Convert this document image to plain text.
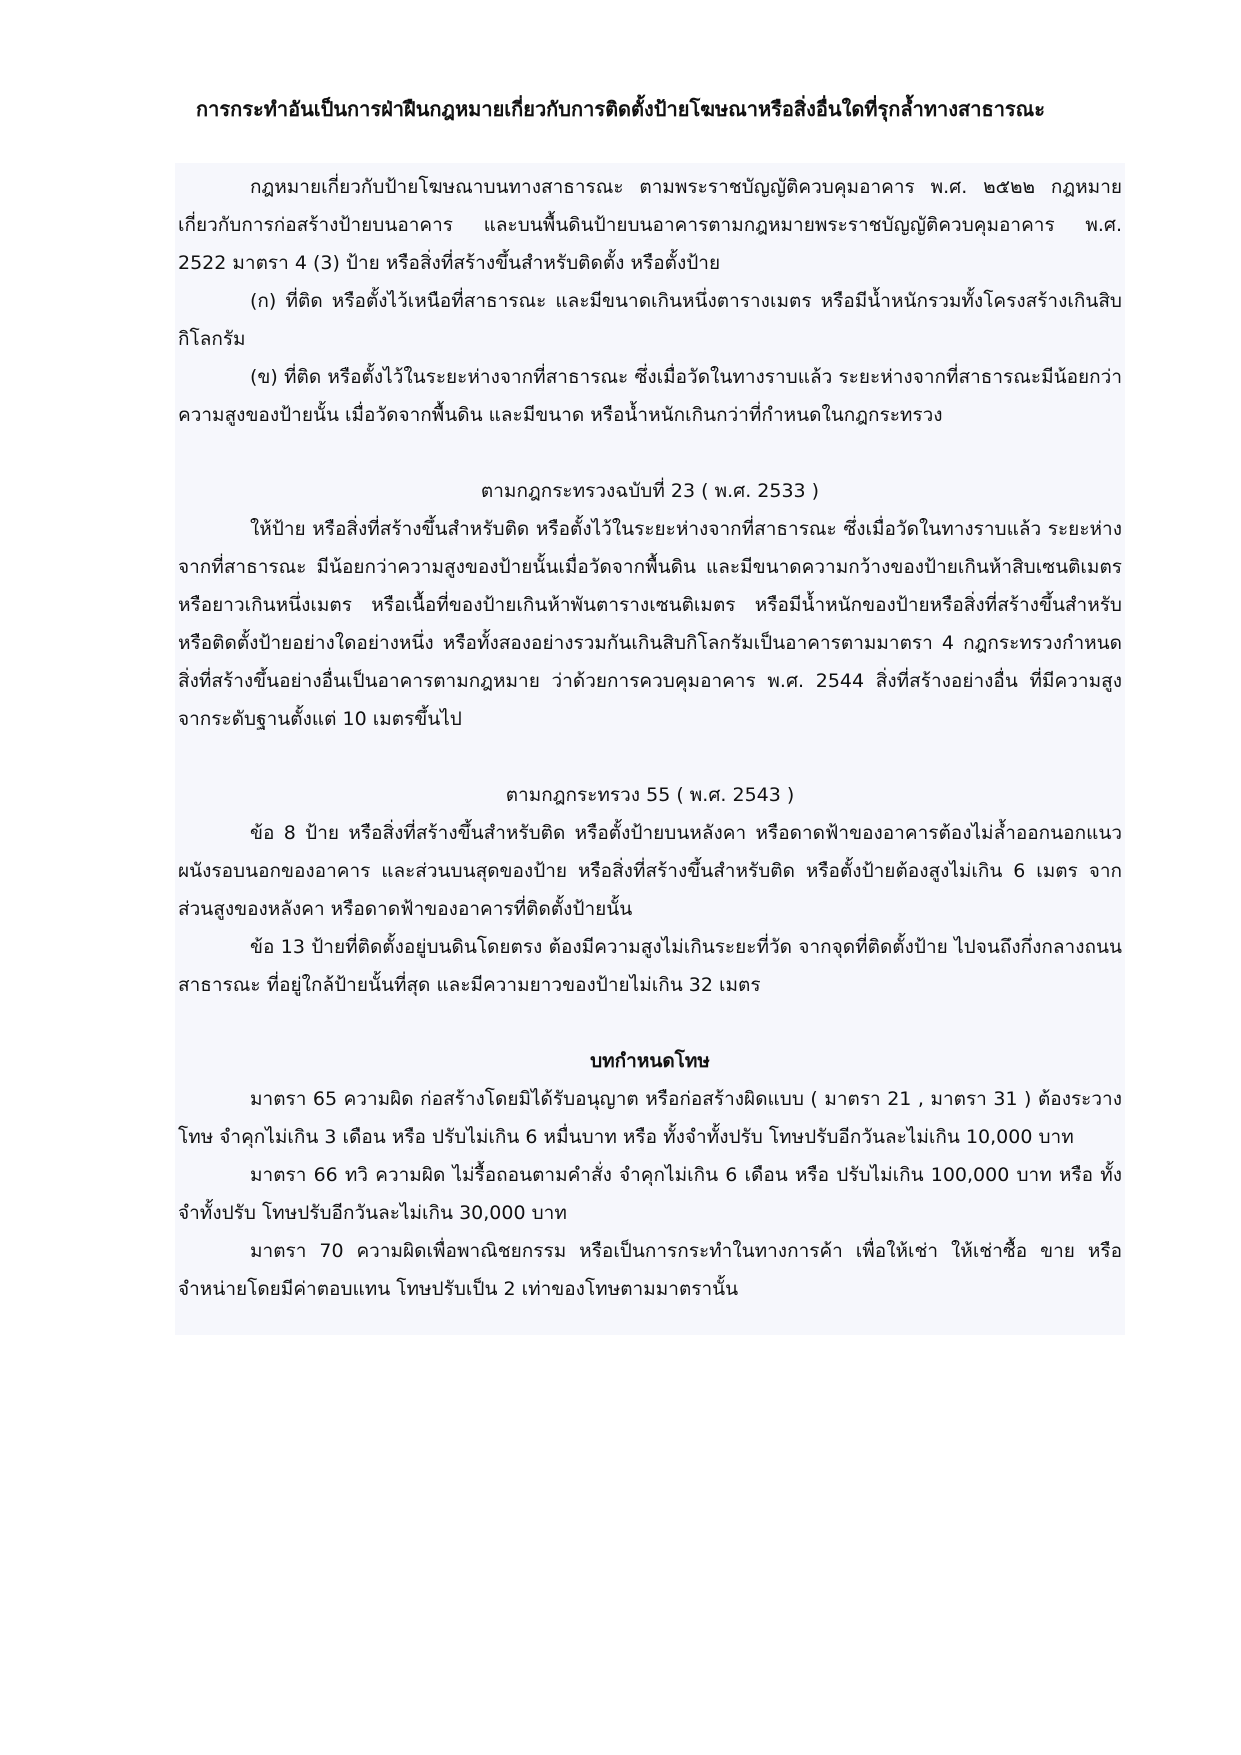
การกระทำอันเป็นการฝ่าฝืนกฎหมายเกี่ยวกับการติดตั้งป้ายโฆษณาหรือสิ่งอื่นใดที่รุกล้ำทางสาธารณะ

กฎหมายเกี่ยวกับป้ายโฆษณาบนทางสาธารณะ ตามพระราชบัญญัติควบคุมอาคาร พ.ศ. ๒๕๒๒ กฎหมายเกี่ยวกับการก่อสร้างป้ายบนอาคาร และบนพื้นดินป้ายบนอาคารตามกฎหมายพระราชบัญญัติควบคุมอาคาร พ.ศ. 2522 มาตรา 4 (3) ป้าย หรือสิ่งที่สร้างขึ้นสำหรับติดตั้ง หรือตั้งป้าย

(ก) ที่ติด หรือตั้งไว้เหนือที่สาธารณะ และมีขนาดเกินหนึ่งตารางเมตร หรือมีน้ำหนักรวมทั้งโครงสร้างเกินสิบกิโลกรัม

(ข) ที่ติด หรือตั้งไว้ในระยะห่างจากที่สาธารณะ ซึ่งเมื่อวัดในทางราบแล้ว ระยะห่างจากที่สาธารณะมีน้อยกว่าความสูงของป้ายนั้น เมื่อวัดจากพื้นดิน และมีขนาด หรือน้ำหนักเกินกว่าที่กำหนดในกฎกระทรวง

ตามกฎกระทรวงฉบับที่ 23 ( พ.ศ. 2533 )

ให้ป้าย หรือสิ่งที่สร้างขึ้นสำหรับติด หรือตั้งไว้ในระยะห่างจากที่สาธารณะ ซึ่งเมื่อวัดในทางราบแล้ว ระยะห่างจากที่สาธารณะ มีน้อยกว่าความสูงของป้ายนั้นเมื่อวัดจากพื้นดิน และมีขนาดความกว้างของป้ายเกินห้าสิบเซนติเมตร หรือยาวเกินหนึ่งเมตร หรือเนื้อที่ของป้ายเกินห้าพันตารางเซนติเมตร หรือมีน้ำหนักของป้ายหรือสิ่งที่สร้างขึ้นสำหรับ หรือติดตั้งป้ายอย่างใดอย่างหนึ่ง หรือทั้งสองอย่างรวมกันเกินสิบกิโลกรัมเป็นอาคารตามมาตรา 4 กฎกระทรวงกำหนดสิ่งที่สร้างขึ้นอย่างอื่นเป็นอาคารตามกฎหมาย ว่าด้วยการควบคุมอาคาร พ.ศ. 2544 สิ่งที่สร้างอย่างอื่น ที่มีความสูงจากระดับฐานตั้งแต่ 10 เมตรขึ้นไป

ตามกฎกระทรวง 55 ( พ.ศ. 2543 )

ข้อ 8 ป้าย หรือสิ่งที่สร้างขึ้นสำหรับติด หรือตั้งป้ายบนหลังคา หรือดาดฟ้าของอาคารต้องไม่ล้ำออกนอกแนวผนังรอบนอกของอาคาร และส่วนบนสุดของป้าย หรือสิ่งที่สร้างขึ้นสำหรับติด หรือตั้งป้ายต้องสูงไม่เกิน 6 เมตร จากส่วนสูงของหลังคา หรือดาดฟ้าของอาคารที่ติดตั้งป้ายนั้น

ข้อ 13 ป้ายที่ติดตั้งอยู่บนดินโดยตรง ต้องมีความสูงไม่เกินระยะที่วัด จากจุดที่ติดตั้งป้าย ไปจนถึงกึ่งกลางถนนสาธารณะ ที่อยู่ใกล้ป้ายนั้นที่สุด และมีความยาวของป้ายไม่เกิน 32 เมตร

บทกำหนดโทษ

มาตรา 65 ความผิด ก่อสร้างโดยมิได้รับอนุญาต หรือก่อสร้างผิดแบบ ( มาตรา 21 , มาตรา 31 ) ต้องระวางโทษ จำคุกไม่เกิน 3 เดือน หรือ ปรับไม่เกิน 6 หมื่นบาท หรือ ทั้งจำทั้งปรับ โทษปรับอีกวันละไม่เกิน 10,000 บาท

มาตรา 66 ทวิ ความผิด ไม่รื้อถอนตามคำสั่ง จำคุกไม่เกิน 6 เดือน หรือ ปรับไม่เกิน 100,000 บาท หรือ ทั้งจำทั้งปรับ โทษปรับอีกวันละไม่เกิน 30,000 บาท

มาตรา 70 ความผิดเพื่อพาณิชยกรรม หรือเป็นการกระทำในทางการค้า เพื่อให้เช่า ให้เช่าซื้อ ขาย หรือ จำหน่ายโดยมีค่าตอบแทน โทษปรับเป็น 2 เท่าของโทษตามมาตรานั้น
